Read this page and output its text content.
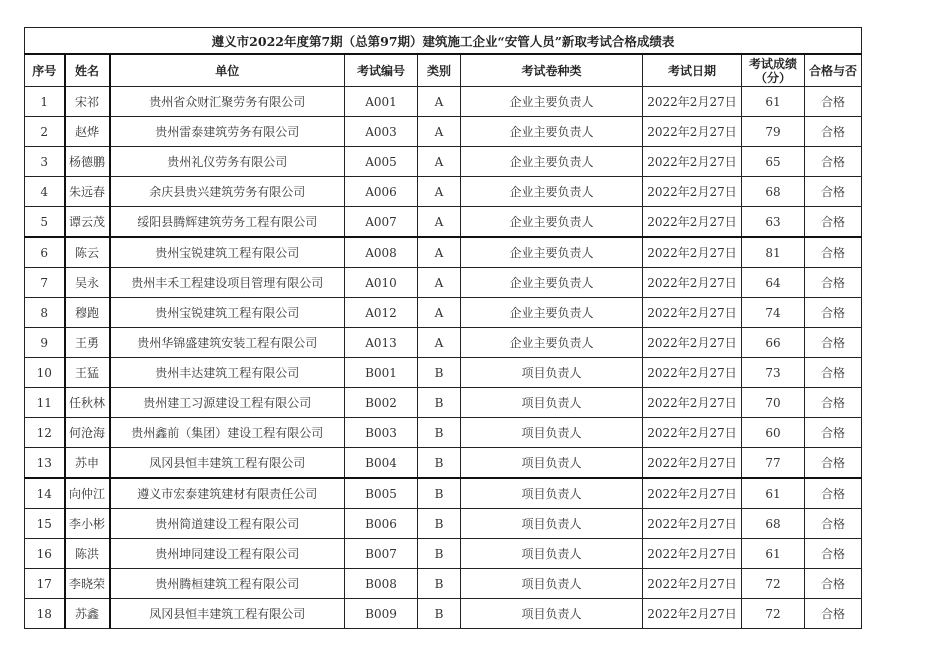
遵义市2022年度第7期（总第97期）建筑施工企业“安管人员”新取考试合格成绩表								
序号	姓名	单位	考试编号	类别	考试卷种类	考试日期	考试成绩（分）	合格与否
1	宋祁	贵州省众财汇聚劳务有限公司	A001	A	企业主要负责人	2022年2月27日	61	合格
2	赵烨	贵州雷泰建筑劳务有限公司	A003	A	企业主要负责人	2022年2月27日	79	合格
3	杨德鹏	贵州礼仪劳务有限公司	A005	A	企业主要负责人	2022年2月27日	65	合格
4	朱远春	余庆县贵兴建筑劳务有限公司	A006	A	企业主要负责人	2022年2月27日	68	合格
5	谭云茂	绥阳县腾辉建筑劳务工程有限公司	A007	A	企业主要负责人	2022年2月27日	63	合格
6	陈云	贵州宝锐建筑工程有限公司	A008	A	企业主要负责人	2022年2月27日	81	合格
7	吴永	贵州丰禾工程建设项目管理有限公司	A010	A	企业主要负责人	2022年2月27日	64	合格
8	穆跑	贵州宝锐建筑工程有限公司	A012	A	企业主要负责人	2022年2月27日	74	合格
9	王勇	贵州华锦盛建筑安装工程有限公司	A013	A	企业主要负责人	2022年2月27日	66	合格
10	王猛	贵州丰达建筑工程有限公司	B001	B	项目负责人	2022年2月27日	73	合格
11	任秋林	贵州建工习源建设工程有限公司	B002	B	项目负责人	2022年2月27日	70	合格
12	何沧海	贵州鑫前（集团）建设工程有限公司	B003	B	项目负责人	2022年2月27日	60	合格
13	苏申	凤冈县恒丰建筑工程有限公司	B004	B	项目负责人	2022年2月27日	77	合格
14	向仲江	遵义市宏泰建筑建材有限责任公司	B005	B	项目负责人	2022年2月27日	61	合格
15	李小彬	贵州简道建设工程有限公司	B006	B	项目负责人	2022年2月27日	68	合格
16	陈洪	贵州坤同建设工程有限公司	B007	B	项目负责人	2022年2月27日	61	合格
17	李晓荣	贵州腾桓建筑工程有限公司	B008	B	项目负责人	2022年2月27日	72	合格
18	苏鑫	凤冈县恒丰建筑工程有限公司	B009	B	项目负责人	2022年2月27日	72	合格
